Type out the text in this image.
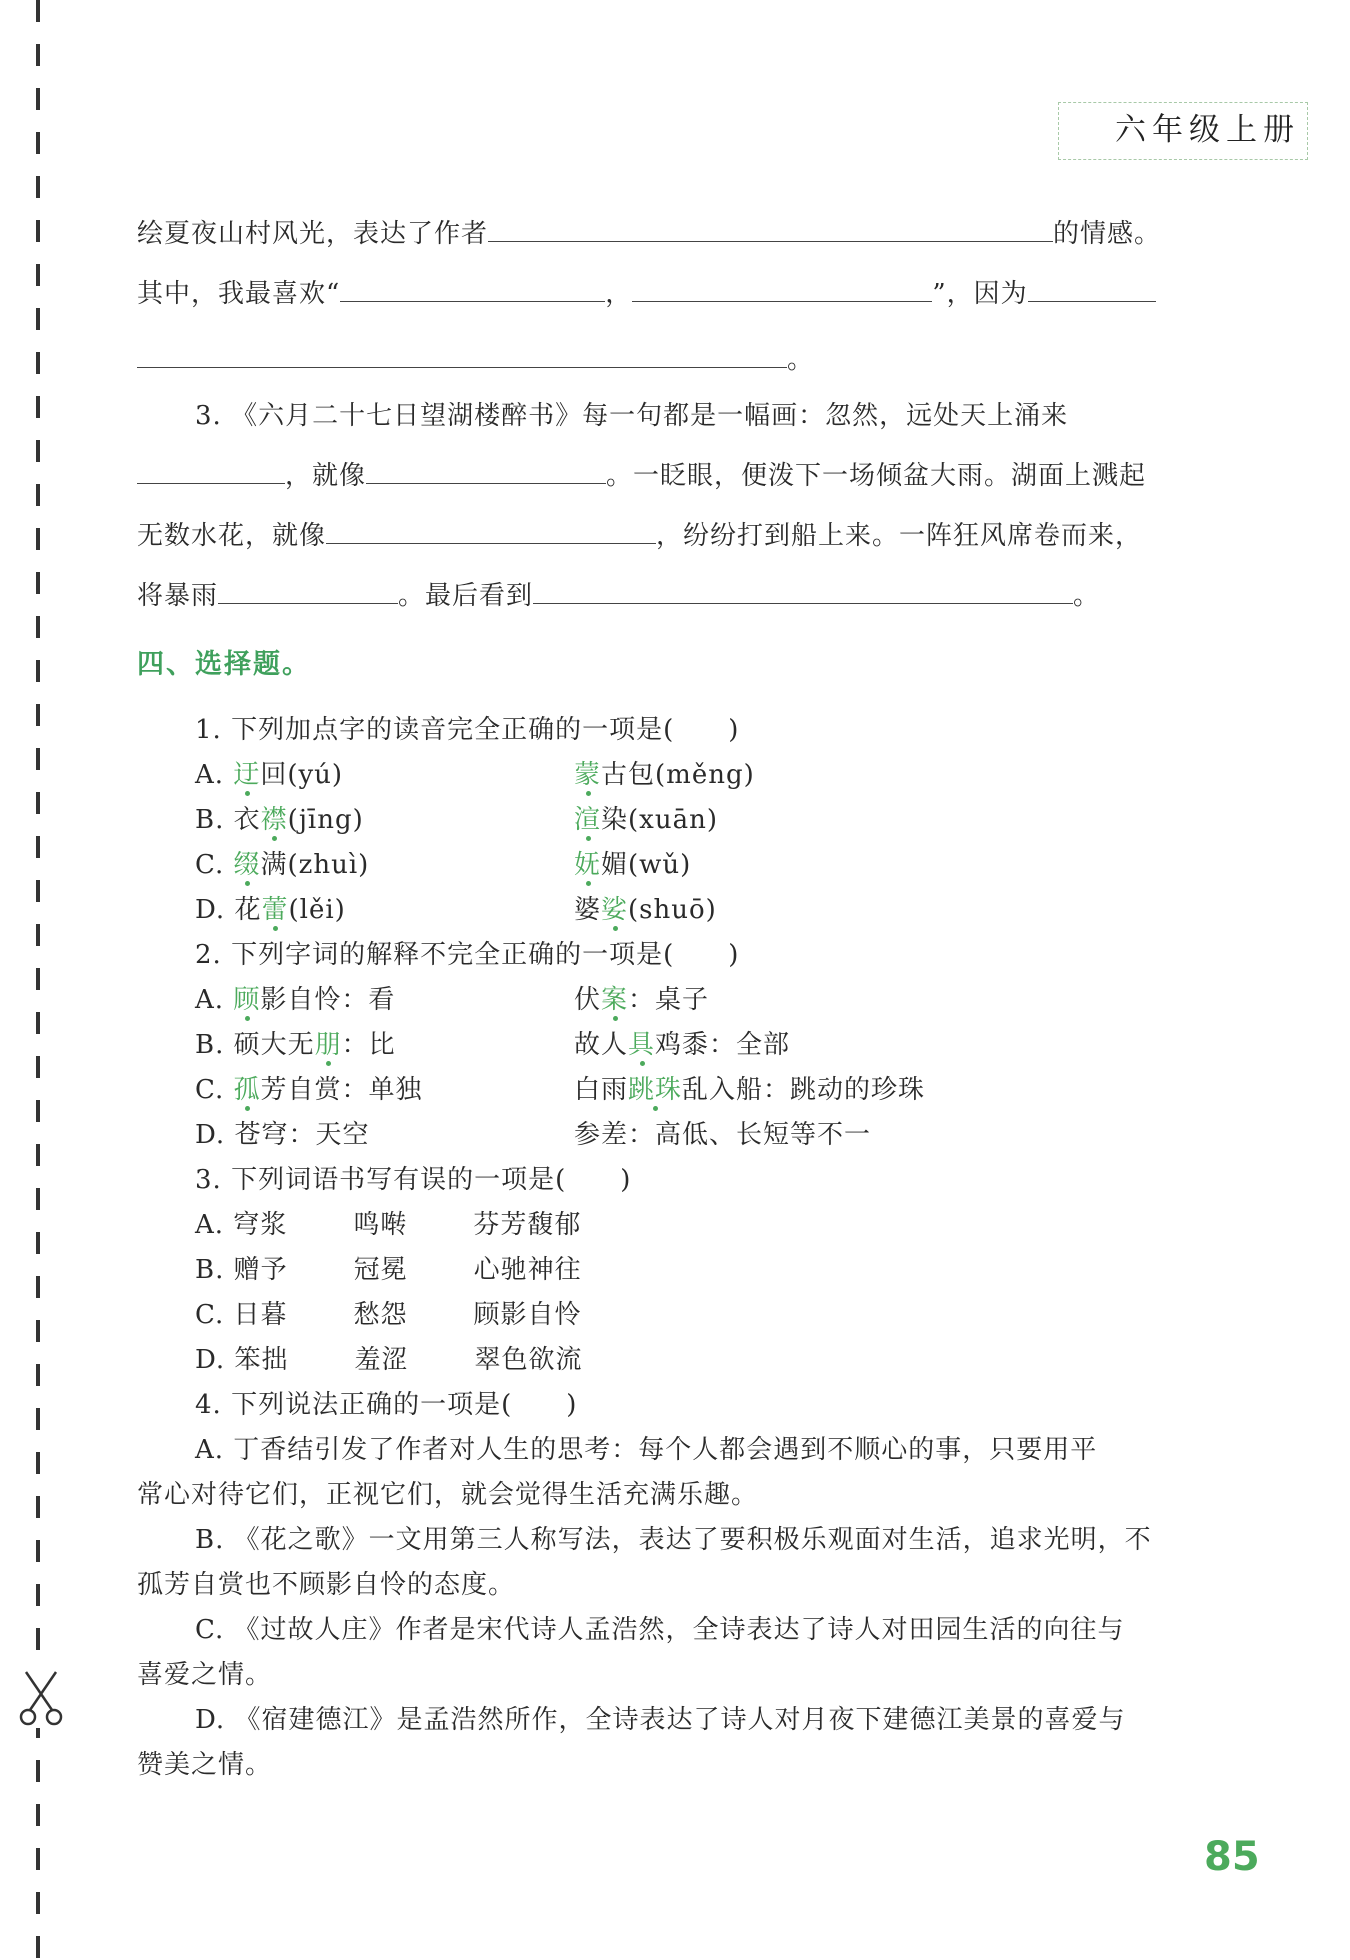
六年级上册
绘夏夜山村风光，表达了作者	的情感。
其中，我最喜欢“	，	”，因为
。
3. 《六月二十七日望湖楼醉书》每一句都是一幅画：忽然，远处天上涌来
，就像	。一眨眼，便泼下一场倾盆大雨。湖面上溅起
无数水花，就像	，纷纷打到船上来。一阵狂风席卷而来，
将暴雨	。最后看到	。
四、选择题。
1. 下列加点字的读音完全正确的一项是(　　)
A. 迂回(yú)	蒙古包(měng)
B. 衣襟(jīng)	渲染(xuān)
C. 缀满(zhuì)	妩媚(wǔ)
D. 花蕾(lěi)	婆娑(shuō)
2. 下列字词的解释不完全正确的一项是(　　)
A. 顾影自怜：看	伏案：桌子
B. 硕大无朋：比	故人具鸡黍：全部
C. 孤芳自赏：单独	白雨跳珠乱入船：跳动的珍珠
D. 苍穹：天空	参差：高低、长短等不一
3. 下列词语书写有误的一项是(　　)
A. 穹浆	鸣啭	芬芳馥郁
B. 赠予	冠冕	心驰神往
C. 日暮	愁怨	顾影自怜
D. 笨拙	羞涩	翠色欲流
4. 下列说法正确的一项是(　　)
A. 丁香结引发了作者对人生的思考：每个人都会遇到不顺心的事，只要用平
常心对待它们，正视它们，就会觉得生活充满乐趣。
B. 《花之歌》一文用第三人称写法，表达了要积极乐观面对生活，追求光明，不
孤芳自赏也不顾影自怜的态度。
C. 《过故人庄》作者是宋代诗人孟浩然，全诗表达了诗人对田园生活的向往与
喜爱之情。
D. 《宿建德江》是孟浩然所作，全诗表达了诗人对月夜下建德江美景的喜爱与
赞美之情。
85
